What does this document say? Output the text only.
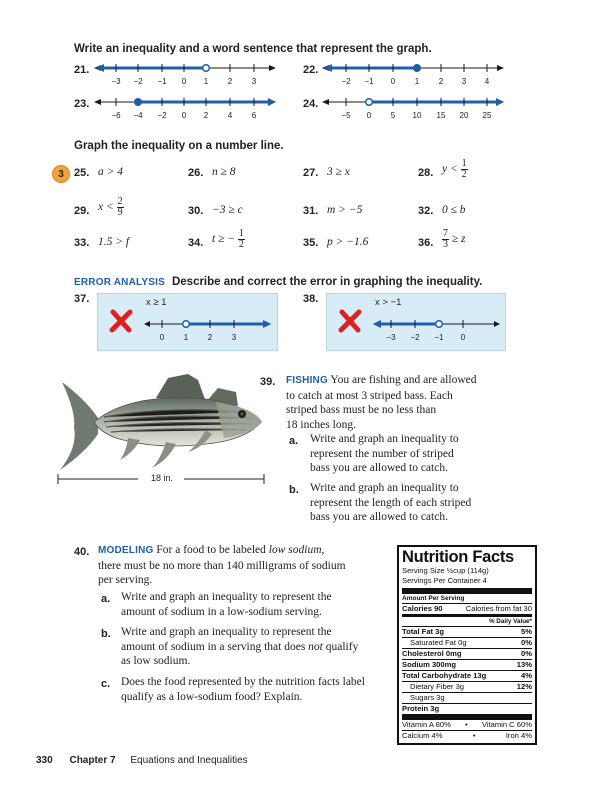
Write an inequality and a word sentence that represent the graph.
21.
−3 −2 −1 0 1 2 3
22.
−2 −1 0 1 2 3 4
23.
−6 −4 −2 0 2 4 6
24.
−5 0 5 10 15 20 25
Graph the inequality on a number line.
3 25. a > 4	26. n ≥ 8	27. 3 ≥ x	28. $y < \frac{1}{2}$
29. $x < \frac{2}{9}$	30. −3 ≥ c	31. m > −5	32. 0 ≤ b
33. 1.5 > f	34. t ≥ − $\frac{1}{2}$	35. p > −1.6	36. $\frac{7}{3} \ge z$
ERROR ANALYSIS Describe and correct the error in graphing the inequality.
37.	x ≥ 1
0 1 2 3
38.	x > −1
−3 −2 −1 0
18 in.
39. FISHING You are fishing and are allowed
to catch at most 3 striped bass. Each
striped bass must be no less than
18 inches long.
a. Write and graph an inequality to
represent the number of striped
bass you are allowed to catch.
b. Write and graph an inequality to
represent the length of each striped
bass you are allowed to catch.
40. MODELING For a food to be labeled low sodium,
there must be no more than 140 milligrams of sodium
per serving.
a. Write and graph an inequality to represent the
amount of sodium in a low-sodium serving.
b. Write and graph an inequality to represent the
amount of sodium in a serving that does not qualify
as low sodium.
c. Does the food represented by the nutrition facts label
qualify as a low-sodium food? Explain.
Nutrition Facts
Serving Size ½cup (114g)
Servings Per Container 4
Amount Per Serving
Calories 90	Calories from fat 30
% Daily Value*
Total Fat 3g	5%
Saturated Fat 0g	0%
Cholesterol 0mg	0%
Sodium 300mg	13%
Total Carbohydrate 13g	4%
Dietary Fiber 3g	12%
Sugars 3g
Protein 3g
Vitamin A 80% • Vitamin C 60%
Calcium 4%	•	Iron 4%
330 Chapter 7 Equations and Inequalities
